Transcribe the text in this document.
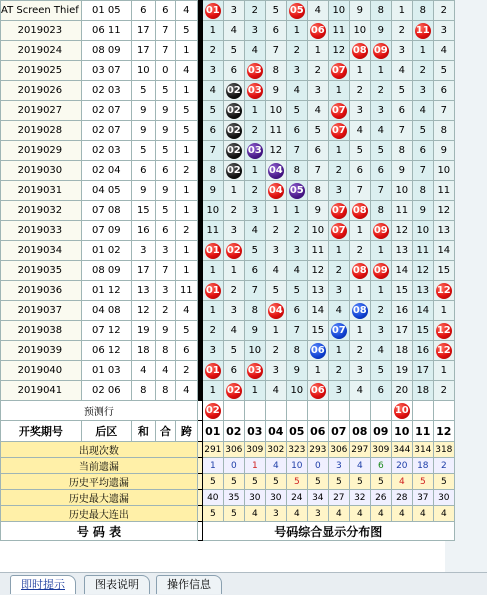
AT Screen Thief	01 05	6	6	4		01	3	2	5	05	4	10	9	8	1	8	2
2019023	06 11	17	7	5		1	4	3	6	1	06	11	10	9	2	11	3
2019024	08 09	17	7	1		2	5	4	7	2	1	12	08	09	3	1	4
2019025	03 07	10	0	4		3	6	03	8	3	2	07	1	1	4	2	5
2019026	02 03	5	5	1		4	02	03	9	4	3	1	2	2	5	3	6
2019027	02 07	9	9	5		5	02	1	10	5	4	07	3	3	6	4	7
2019028	02 07	9	9	5		6	02	2	11	6	5	07	4	4	7	5	8
2019029	02 03	5	5	1		7	02	03	12	7	6	1	5	5	8	6	9
2019030	02 04	6	6	2		8	02	1	04	8	7	2	6	6	9	7	10
2019031	04 05	9	9	1		9	1	2	04	05	8	3	7	7	10	8	11
2019032	07 08	15	5	1		10	2	3	1	1	9	07	08	8	11	9	12
2019033	07 09	16	6	2		11	3	4	2	2	10	07	1	09	12	10	13
2019034	01 02	3	3	1		01	02	5	3	3	11	1	2	1	13	11	14
2019035	08 09	17	7	1		1	1	6	4	4	12	2	08	09	14	12	15
2019036	01 12	13	3	11		01	2	7	5	5	13	3	1	1	15	13	12
2019037	04 08	12	2	4		1	3	8	04	6	14	4	08	2	16	14	1
2019038	07 12	19	9	5		2	4	9	1	7	15	07	1	3	17	15	12
2019039	06 12	18	8	6		3	5	10	2	8	06	1	2	4	18	16	12
2019040	01 03	4	4	2		01	6	03	3	9	1	2	3	5	19	17	1
2019041	02 06	8	8	4		1	02	1	4	10	06	3	4	6	20	18	2
预测行						02									10		
开奖期号	后区	和	合	跨		01	02	03	04	05	06	07	08	09	10	11	12
出现次数						291	306	309	302	323	293	306	297	309	344	314	318
当前遗漏						1	0	1	4	10	0	3	4	6	20	18	2
历史平均遗漏						5	5	5	5	5	5	5	5	5	4	5	5
历史最大遗漏						40	35	30	30	24	34	27	32	26	28	37	30
历史最大连出						5	5	4	3	4	3	4	4	4	4	4	4
号 码 表						号码综合显示分布图											
即时提示	图表说明	操作信息
